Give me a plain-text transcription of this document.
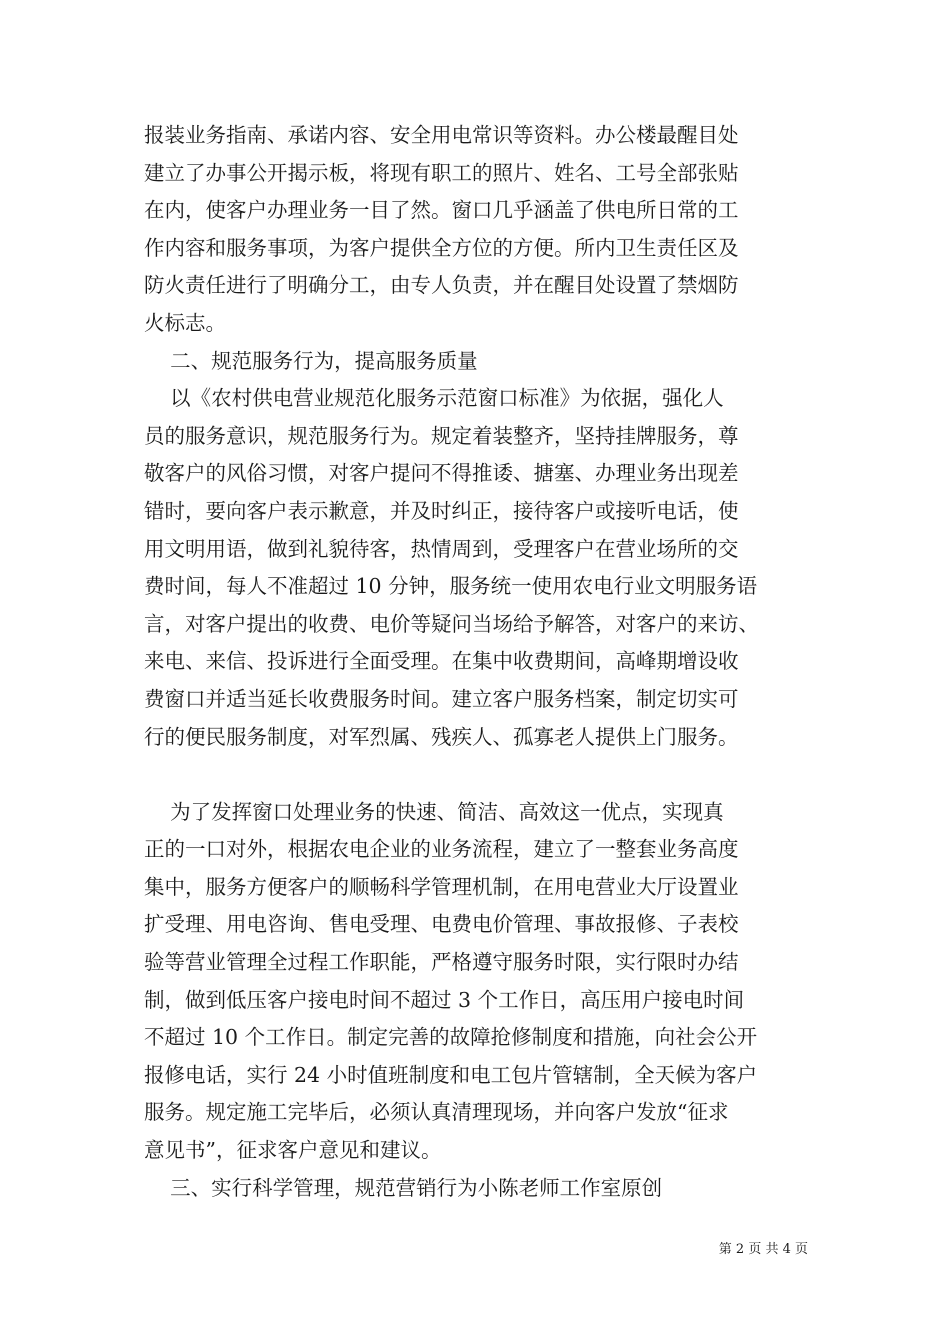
报装业务指南、承诺内容、安全用电常识等资料。办公楼最醒目处
建立了办事公开揭示板，将现有职工的照片、姓名、工号全部张贴
在内，使客户办理业务一目了然。窗口几乎涵盖了供电所日常的工
作内容和服务事项，为客户提供全方位的方便。所内卫生责任区及
防火责任进行了明确分工，由专人负责，并在醒目处设置了禁烟防
火标志。
二、规范服务行为，提高服务质量
以《农村供电营业规范化服务示范窗口标准》为依据，强化人
员的服务意识，规范服务行为。规定着装整齐，坚持挂牌服务，尊
敬客户的风俗习惯，对客户提问不得推诿、搪塞、办理业务出现差
错时，要向客户表示歉意，并及时纠正，接待客户或接听电话，使
用文明用语，做到礼貌待客，热情周到，受理客户在营业场所的交
费时间，每人不准超过 10 分钟，服务统一使用农电行业文明服务语
言，对客户提出的收费、电价等疑问当场给予解答，对客户的来访、
来电、来信、投诉进行全面受理。在集中收费期间，高峰期增设收
费窗口并适当延长收费服务时间。建立客户服务档案，制定切实可
行的便民服务制度，对军烈属、残疾人、孤寡老人提供上门服务。
为了发挥窗口处理业务的快速、简洁、高效这一优点，实现真
正的一口对外，根据农电企业的业务流程，建立了一整套业务高度
集中，服务方便客户的顺畅科学管理机制，在用电营业大厅设置业
扩受理、用电咨询、售电受理、电费电价管理、事故报修、子表校
验等营业管理全过程工作职能，严格遵守服务时限，实行限时办结
制，做到低压客户接电时间不超过 3 个工作日，高压用户接电时间
不超过 10 个工作日。制定完善的故障抢修制度和措施，向社会公开
报修电话，实行 24 小时值班制度和电工包片管辖制，全天候为客户
服务。规定施工完毕后，必须认真清理现场，并向客户发放“征求
意见书”，征求客户意见和建议。
三、实行科学管理，规范营销行为小陈老师工作室原创
第 2 页 共 4 页
